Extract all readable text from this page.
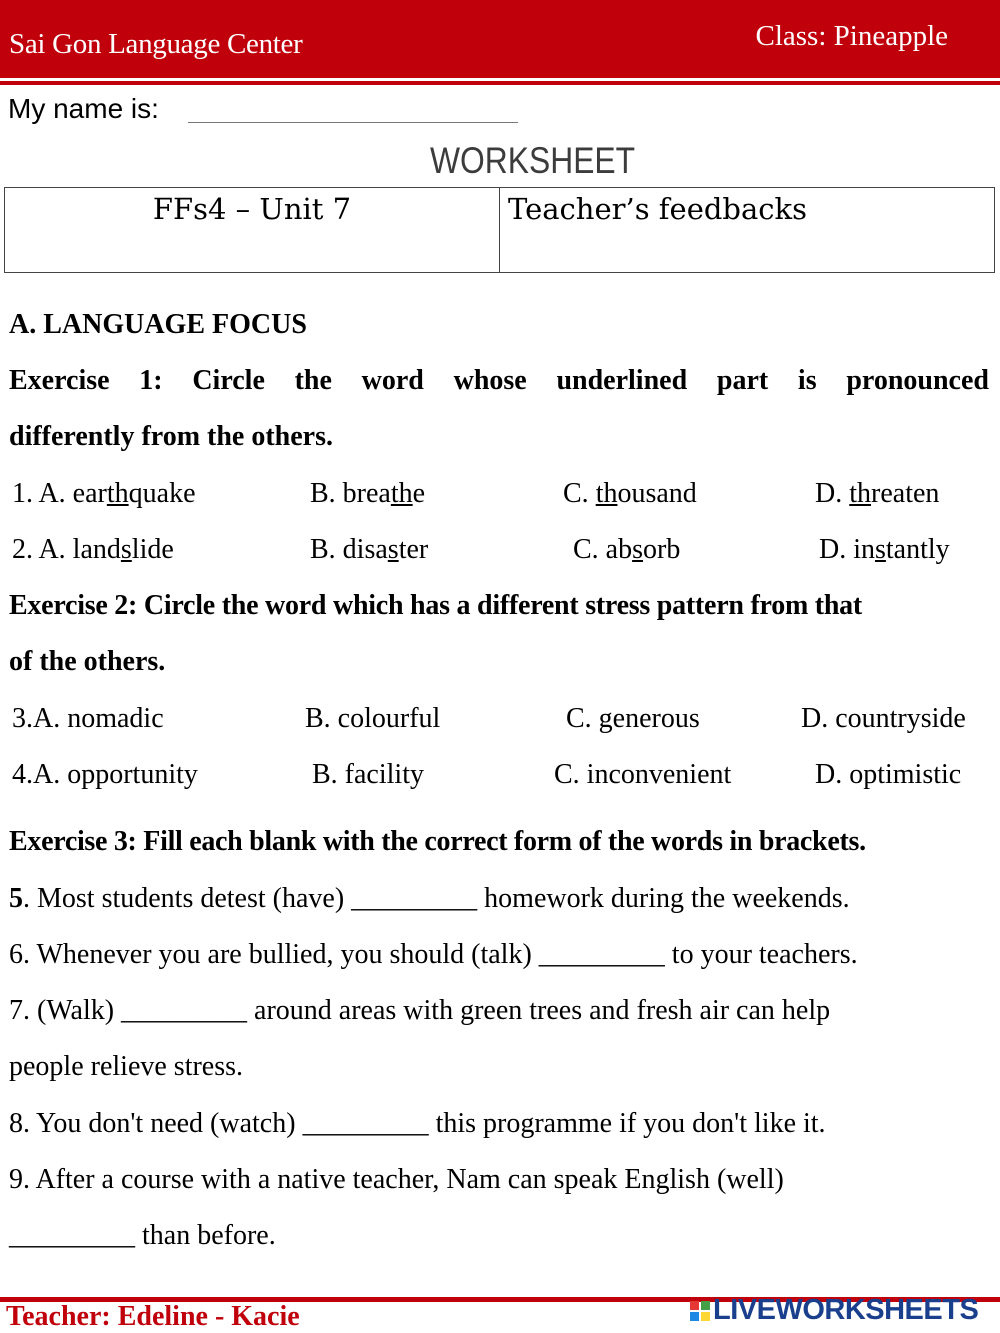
Sai Gon Language Center	Class: Pineapple
My name is:
WORKSHEET
FFs4 – Unit 7	Teacher’s feedbacks
A. LANGUAGE FOCUS
Exercise 1: Circle the word whose underlined part is pronounced
differently from the others.
1. A. earthquake	B. breathe	C. thousand	D. threaten
2. A. landslide	B. disaster	C. absorb	D. instantly
Exercise 2: Circle the word which has a different stress pattern from that
of the others.
3.A. nomadic	B. colourful	C. generous	D. countryside
4.A. opportunity	B. facility	C. inconvenient	D. optimistic
Exercise 3: Fill each blank with the correct form of the words in brackets.
5. Most students detest (have) _________ homework during the weekends.
6. Whenever you are bullied, you should (talk) _________ to your teachers.
7. (Walk) _________ around areas with green trees and fresh air can help
people relieve stress.
8. You don't need (watch) _________ this programme if you don't like it.
9. After a course with a native teacher, Nam can speak English (well)
_________ than before.
Teacher: Edeline - Kacie	LIVEWORKSHEETS
